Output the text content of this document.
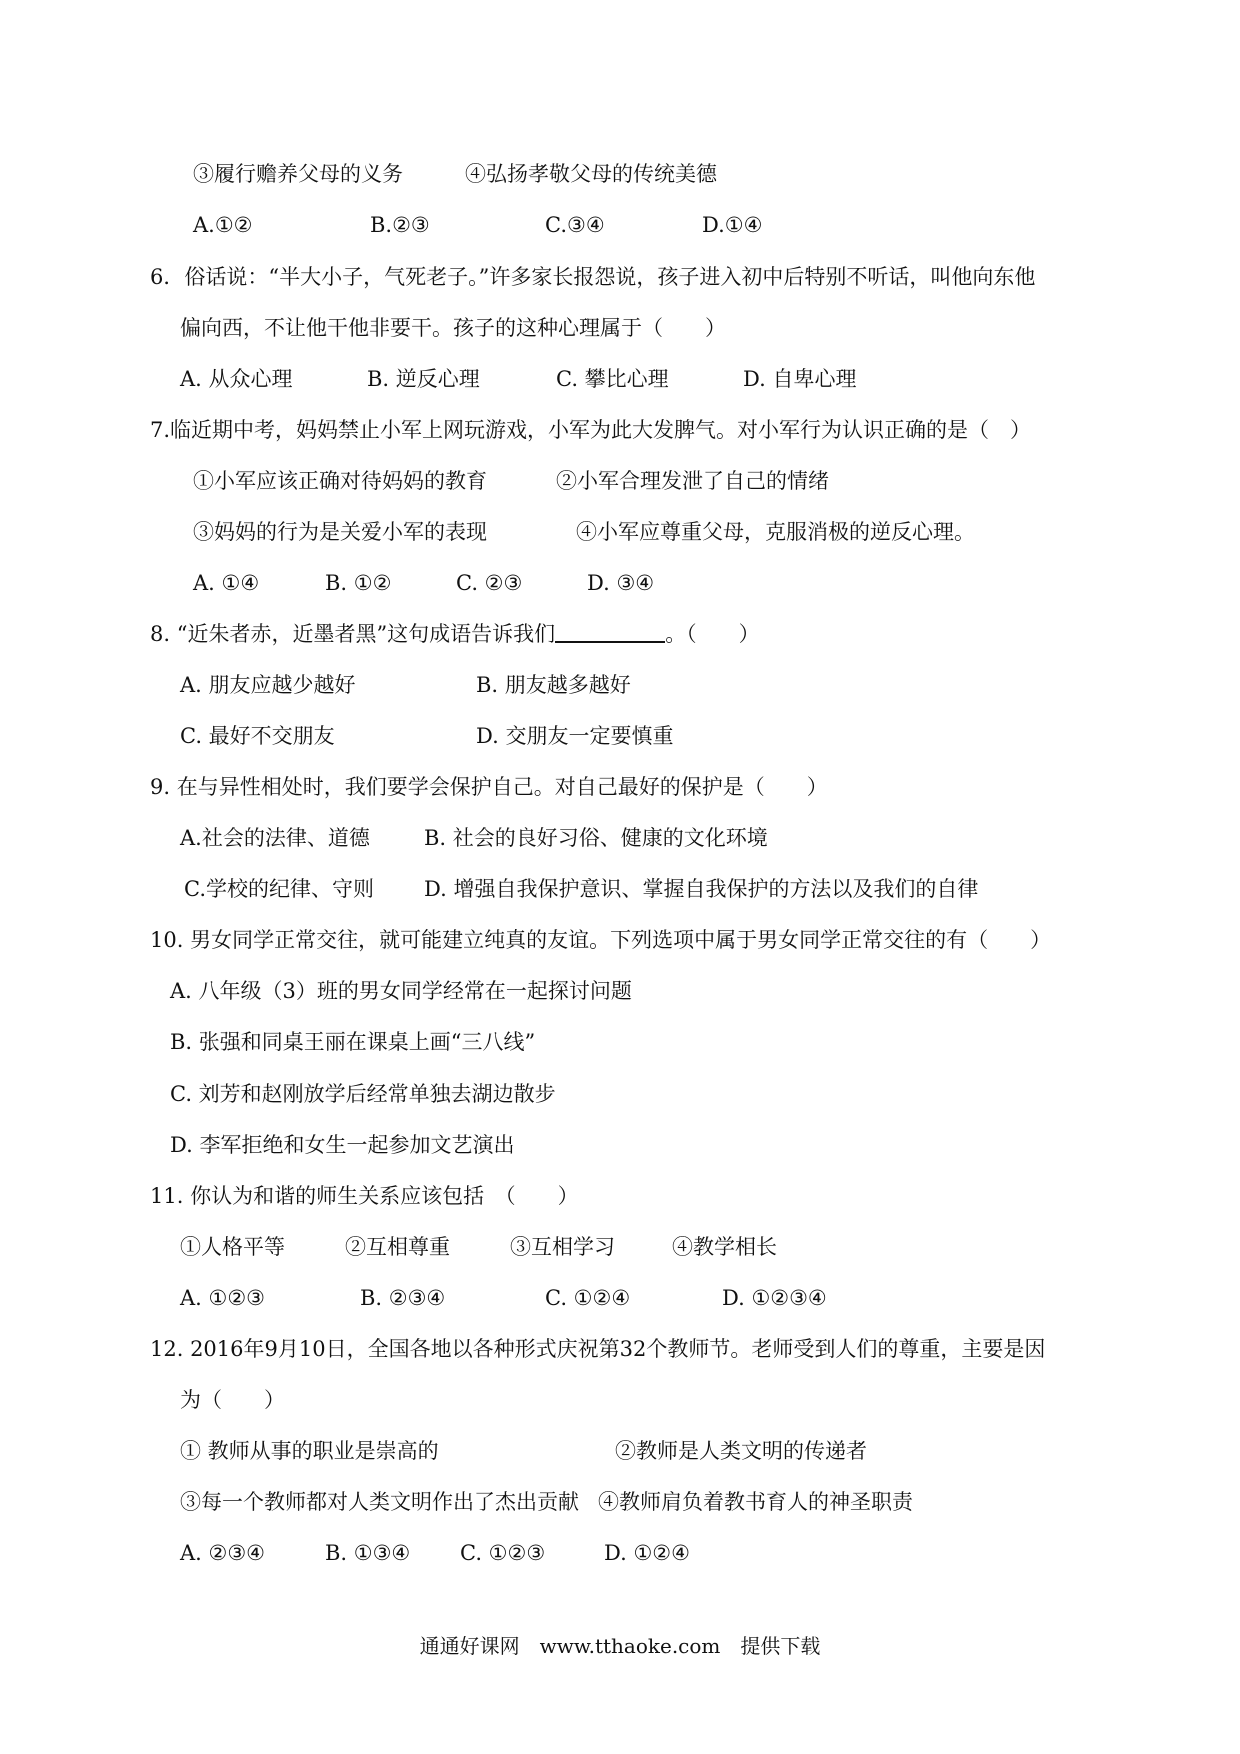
③履行赡养父母的义务	④弘扬孝敬父母的传统美德
A.①②	B.②③	C.③④	D.①④
6．俗话说：“半大小子，气死老子。”许多家长报怨说，孩子进入初中后特别不听话，叫他向东他
偏向西，不让他干他非要干。孩子的这种心理属于（　　）
A. 从众心理	B. 逆反心理	C. 攀比心理	D. 自卑心理
7.临近期中考，妈妈禁止小军上网玩游戏，小军为此大发脾气。对小军行为认识正确的是（　）
①小军应该正确对待妈妈的教育	②小军合理发泄了自己的情绪
③妈妈的行为是关爱小军的表现	④小军应尊重父母，克服消极的逆反心理。
A. ①④	B. ①②	C. ②③	D. ③④
8. “近朱者赤，近墨者黑”这句成语告诉我们	。（　　）
A. 朋友应越少越好	B. 朋友越多越好
C. 最好不交朋友	D. 交朋友一定要慎重
9. 在与异性相处时，我们要学会保护自己。对自己最好的保护是（　　）
A.社会的法律、道德	B. 社会的良好习俗、健康的文化环境
C.学校的纪律、守则 D. 增强自我保护意识、掌握自我保护的方法以及我们的自律
10. 男女同学正常交往，就可能建立纯真的友谊。下列选项中属于男女同学正常交往的有（　　）
A. 八年级（3）班的男女同学经常在一起探讨问题
B. 张强和同桌王丽在课桌上画“三八线”
C. 刘芳和赵刚放学后经常单独去湖边散步
D. 李军拒绝和女生一起参加文艺演出
11. 你认为和谐的师生关系应该包括　（　　）
①人格平等	②互相尊重	③互相学习	④教学相长
A. ①②③	B. ②③④	C. ①②④	D. ①②③④
12. 2016年9月10日，全国各地以各种形式庆祝第32个教师节。老师受到人们的尊重，主要是因
为（　　）
① 教师从事的职业是崇高的	②教师是人类文明的传递者
③每一个教师都对人类文明作出了杰出贡献 ④教师肩负着教书育人的神圣职责
A. ②③④	B. ①③④ C. ①②③	D. ①②④
通通好课网　www.tthaoke.com　提供下载
